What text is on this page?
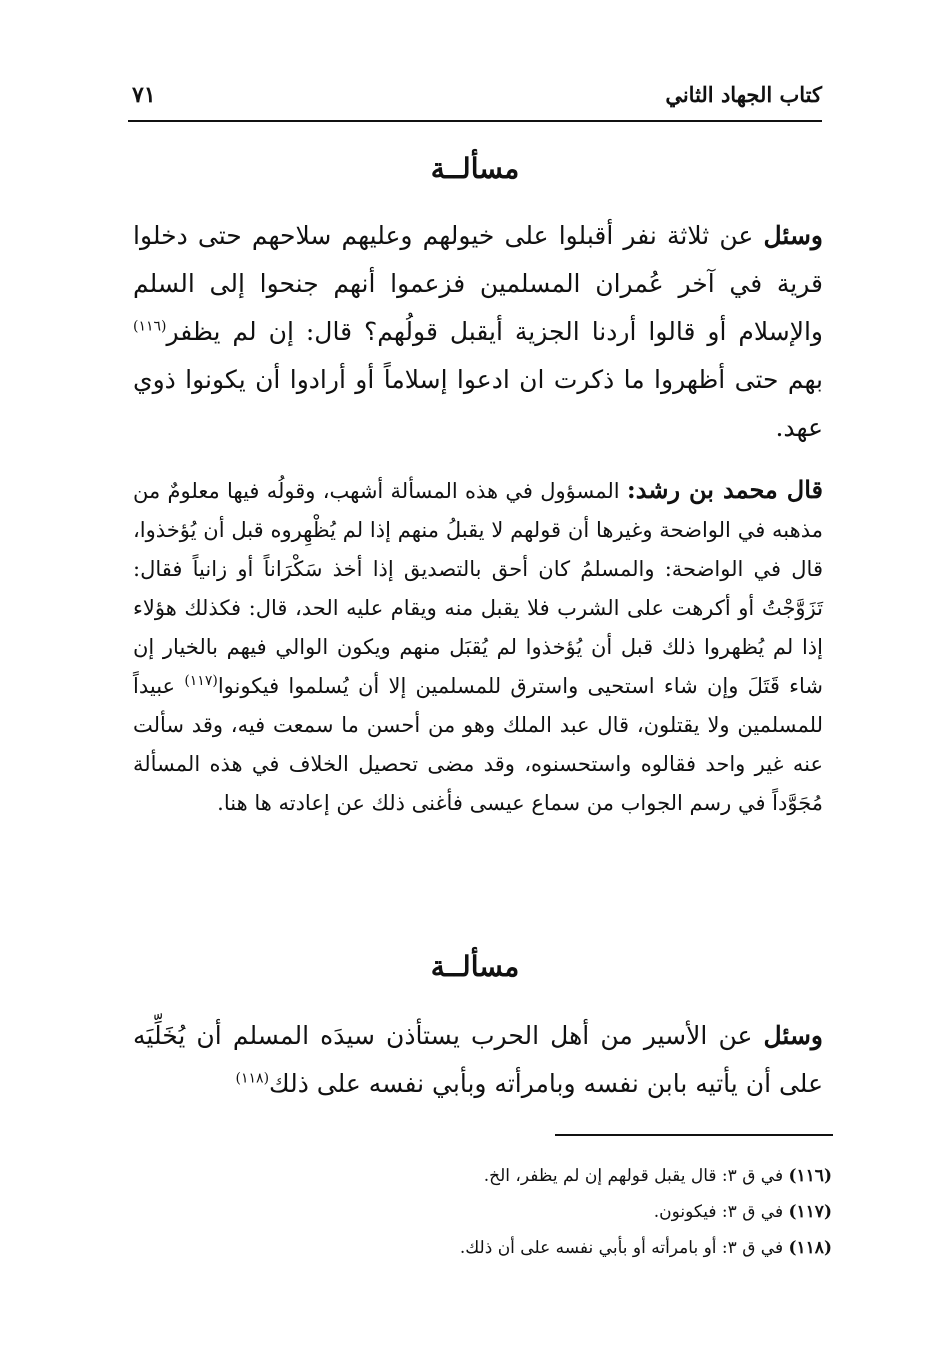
كتاب الجهاد الثاني
٧١
مسألــة

وسئل عن ثلاثة نفر أقبلوا على خيولهم وعليهم سلاحهم حتى دخلوا قرية في آخر عُمران المسلمين فزعموا أنهم جنحوا إلى السلم والإسلام أو قالوا أردنا الجزية أيقبل قولُهم؟ قال: إن لم يظفر$^{(١١٦)}$ بهم حتى أظهروا ما ذكرت ان ادعوا إسلاماً أو أرادوا أن يكونوا ذوي عهد.

قال محمد بن رشد: المسؤول في هذه المسألة أشهب، وقولُه فيها معلومٌ من مذهبه في الواضحة وغيرها أن قولهم لا يقبلُ منهم إذا لم يُظْهِروه قبل أن يُؤخذوا، قال في الواضحة: والمسلمُ كان أحق بالتصديق إذا أخذ سَكْرَاناً أو زانياً فقال: تَزَوَّجْتُ أو أكرهت على الشرب فلا يقبل منه ويقام عليه الحد، قال: فكذلك هؤلاء إذا لم يُظهروا ذلك قبل أن يُؤخذوا لم يُقبَل منهم ويكون الوالي فيهم بالخيار إن شاء قَتَلَ وإن شاء استحيى واسترق للمسلمين إلا أن يُسلموا فيكونوا$^{(١١٧)}$ عبيداً للمسلمين ولا يقتلون، قال عبد الملك وهو من أحسن ما سمعت فيه، وقد سألت عنه غير واحد فقالوه واستحسنوه، وقد مضى تحصيل الخلاف في هذه المسألة مُجَوَّداً في رسم الجواب من سماع عيسى فأغنى ذلك عن إعادته ها هنا.

مسألــة

وسئل عن الأسير من أهل الحرب يستأذن سيدَه المسلم أن يُخَلِّيَه على أن يأتيه بابن نفسه وبامرأته وبأبي نفسه على ذلك$^{(١١٨)}$

(١١٦) في ق ٣: قال يقبل قولهم إن لم يظفر، الخ.
(١١٧) في ق ٣: فيكونون.
(١١٨) في ق ٣: أو بامرأته أو بأبي نفسه على أن ذلك.
